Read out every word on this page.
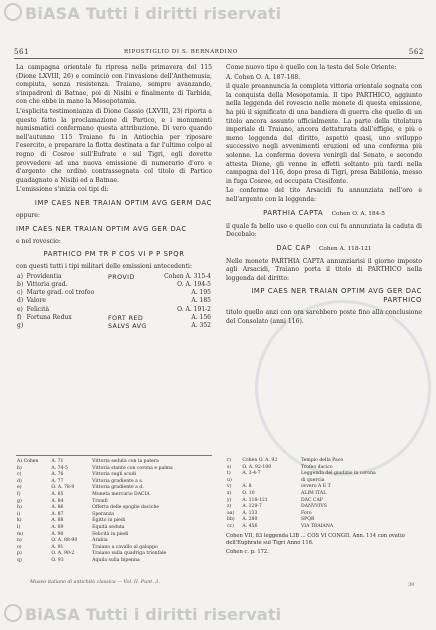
BiASA Tutti i diritti riservati
561	RIPOSTIGLIO DI S. BERNARDINO	562

La campagna orientale fu ripresa nella primavera del 115 (Dione LXVIII, 26) e cominciò con l'invasione dell'Anthemusia, compiuta, senza resistenza. Traiano, sempre avanzando, s'impadronì di Batnae, poi di Nisibi e finalmente di Tarbida, con che ebbe in mano la Mesopotamia.

L'esplicita testimonianza di Dione Cassio (LXVIII, 23) riporta a questo fatto la proclamazione di Partico, e i monumenti numismatici confermano questa attribuzione. Di vero quando nell'autunno 115 Traiano fu in Antiochia per riposare l'esercito, e preparare la flotta destinata a far l'ultimo colpo al regno di Cosroe sull'Eufrate e sul Tigri, egli dovette provvedere ad una nuova emissione di numerario d'oro e d'argento che ordinò contrassegnata col titolo di Partico guadagnato a Nisibi ed a Batnae.

L'emissione s'inizia coi tipi di:

IMP CAES NER TRAIAN OPTIM AVG GERM DAC

oppure:

IMP CAES NER TRAIAN OPTIM AVG GER DAC

e nel rovescio:

PARTHICO PM TR P COS VI P P SPQR

con questi tutti i tipi militari delle emissioni antecedenti:

a)	Providentia	PROVID	Cohen A. 315-4
b)	Vittoria grad.		O. A. 194-5
c)	Marte grad. col trofeo		A. 195
d)	Valore		A. 185
e)	Felicità		O. A. 191-2
f)	Fortuna Redux	FORT RED	A. 156
g)		SALVS AVG	A. 352

Come nuovo tipo è quello con la testa del Sole Oriente:

A. Cohen O. A. 187-188.

il quale preannuncia la completa vittoria orientale sognata con la conquista della Mesopotamia. Il tipo PARTHICO, aggiunto nella leggenda del rovescio nelle monete di questa emissione, ha più il significato di una bandiera di guerra che quello di un titolo ancora assunto ufficialmente. La parte della titolatura imperiale di Traiano, ancora dettaturata dall'effigie, e più o meno leggenda del diritto, aspettò quasi, uno sviluppo successivo negli avvenimenti eruzioni ed una conferma più solenne. La conferma doveva venirgli dal Senato, e secondo attesta Dione, gli venne in effetti soltanto più tardi nella campagna del 116, dopo presa di Tigri, presa Babilonia, messo in fuga Cosroe, ed occupata Ctesifonte.

Le conferme del tito Arsacidi fu annunziata nell'oro e nell'argento con la leggenda:

PARTHIA CAPTA Cohen O. A. 184-5

il quale fa bello uso e quello con cui fu annunziata la caduta di Decebalo:

DAC CAP Cohen A. 118-121

Nelle monete PARTHIA CAPTA annunziarisi il giorno imposto agli Arsacidi, Traiano porta il titolo di PARTHICO nella leggenda del diritto:

IMP CAES NER TRAIAN OPTIM AVG GER DAC PARTHICO

titolo quello anzi con ora sarebbero poste fino alla conclusione del Consolato (anni 116).

A) Cohen	A. 71	Vittoria seduta con la patera
b)	A. 74-5	Vittoria stante con corona e palma
c)	A. 76	Vittoria sugli scudi
d)	A. 77	Vittoria gradiente a s.
e)	O. A. 78-9	Vittoria gradiente a d.
f)	A. 85	Moneta mercurio DACIA
g)	A. 84	Trionfi
h)	A. 86	Offerta delle spoglie daciche
i)	A. 87	Speranza
k)	A. 88	Egitto in piedi
l)	A. 89	Equità seduta
m)	A. 90	Felicità in piedi
n)	O. A. 88-90	Arabia
o)	A. 91	Traiano a cavallo al galoppo
p)	O. A. 90-2	Traiano sulla quadriga trionfale
q)	O. 93	Aquila sulla bipenna
r)	Cohen O. A. 92	Tempio della Pace
s)	O. A. 92-100	Trofeo dacico
t)	A. 3-4-7	Leggenda del giudizio in corona
u)		di quercia
v)	A. 8	ovvero A E T
x)	O. 10	ALIM ITAL
y)	A. 118-121	DAC CAP
z)	A. 129-7	DANVVIVS
aa)	A. 133	Foro
bb)	A. 280	SPQR
cc)	A. 456	VIA TRAIANA
Cohen VII, 83 leggenda LIB ... COS VI CONGII. Ann. 114 con ovatio dell'Euphrate sul Tigri Anno 116.
Cohen c. p. 172.
Museo italiano di antichità classica — Vol. II. Punt. 3.
39
BiASA Tutti i diritti riservati
